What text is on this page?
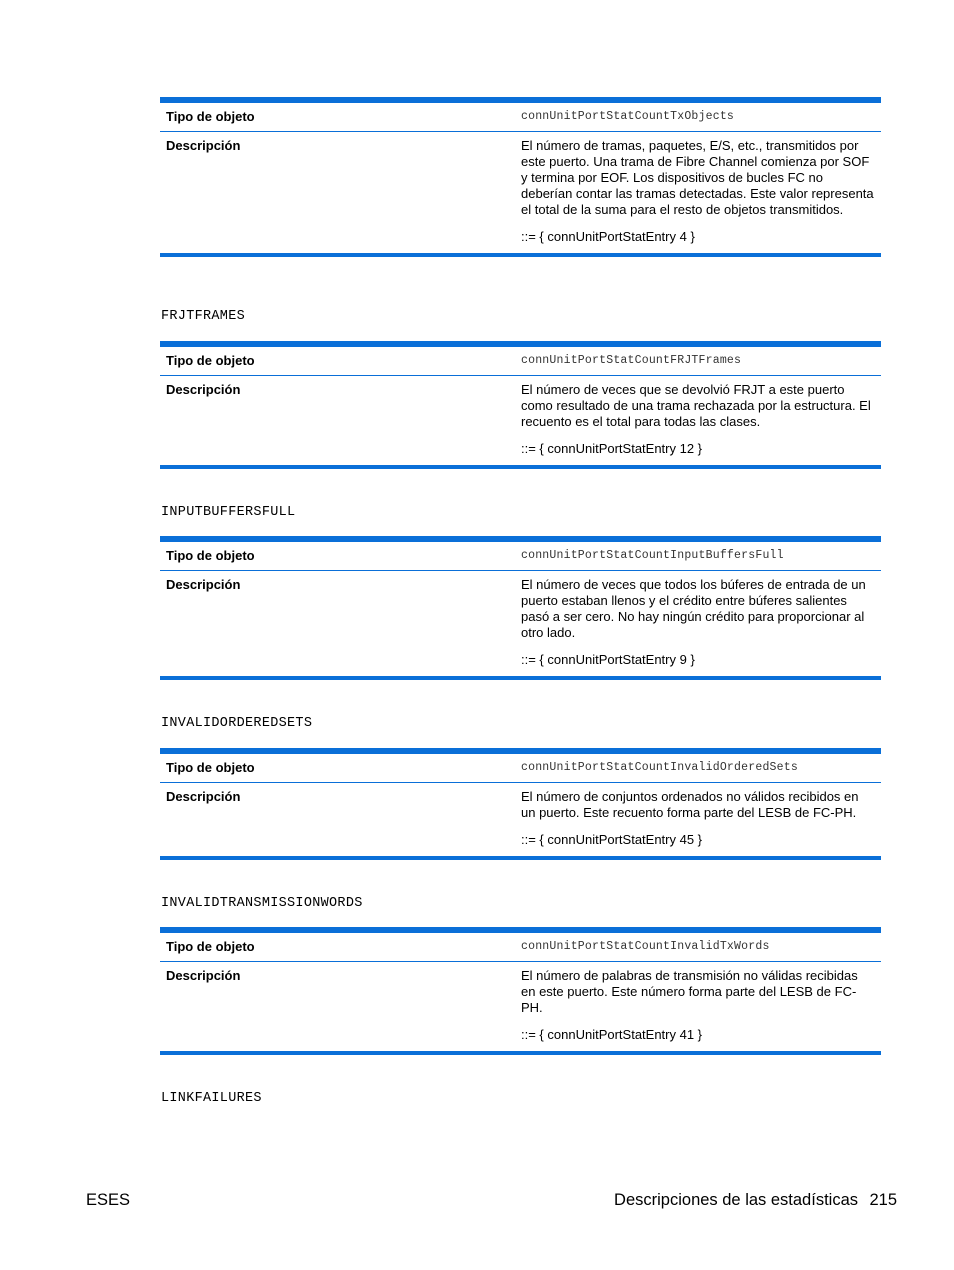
Tipo de objeto	connUnitPortStatCountTxObjects
Descripción	El número de tramas, paquetes, E/S, etc., transmitidos por este puerto. Una trama de Fibre Channel comienza por SOF y termina por EOF. Los dispositivos de bucles FC no deberían contar las tramas detectadas. Este valor representa el total de la suma para el resto de objetos transmitidos.

::= { connUnitPortStatEntry 4 }
FRJTFRAMES
Tipo de objeto	connUnitPortStatCountFRJTFrames
Descripción	El número de veces que se devolvió FRJT a este puerto como resultado de una trama rechazada por la estructura. El recuento es el total para todas las clases.

::= { connUnitPortStatEntry 12 }
INPUTBUFFERSFULL
Tipo de objeto	connUnitPortStatCountInputBuffersFull
Descripción	El número de veces que todos los búferes de entrada de un puerto estaban llenos y el crédito entre búferes salientes pasó a ser cero. No hay ningún crédito para proporcionar al otro lado.

::= { connUnitPortStatEntry 9 }
INVALIDORDEREDSETS
Tipo de objeto	connUnitPortStatCountInvalidOrderedSets
Descripción	El número de conjuntos ordenados no válidos recibidos en un puerto. Este recuento forma parte del LESB de FC-PH.

::= { connUnitPortStatEntry 45 }
INVALIDTRANSMISSIONWORDS
Tipo de objeto	connUnitPortStatCountInvalidTxWords
Descripción	El número de palabras de transmisión no válidas recibidas en este puerto. Este número forma parte del LESB de FC-PH.

::= { connUnitPortStatEntry 41 }
LINKFAILURES
ESES	Descripciones de las estadísticas 215
